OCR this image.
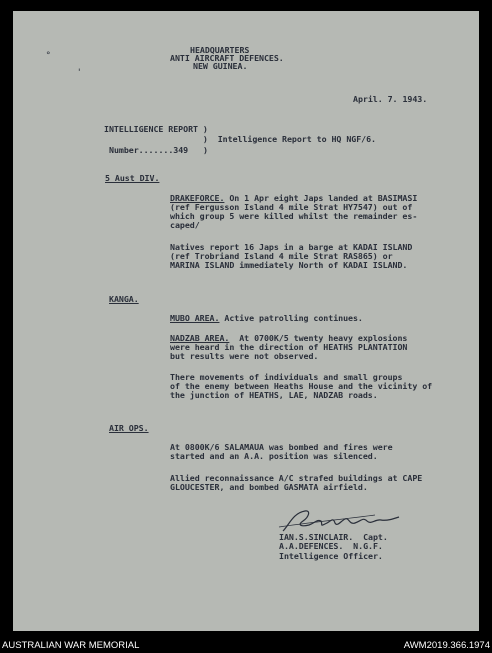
°
'
HEADQUARTERS
ANTI AIRCRAFT DEFENCES.
NEW GUINEA.
April. 7. 1943.
INTELLIGENCE REPORT )
)  Intelligence Report to HQ NGF/6.
Number.......349   )
5 Aust DIV.
DRAKEFORCE. On 1 Apr eight Japs landed at BASIMASI
(ref Fergusson Island 4 mile Strat HY7547) out of
which group 5 were killed whilst the remainder es-
caped/
Natives report 16 Japs in a barge at KADAI ISLAND
(ref Trobriand Island 4 mile Strat RAS865) or
MARINA ISLAND immediately North of KADAI ISLAND.
KANGA.
MUBO AREA. Active patrolling continues.
NADZAB AREA.  At 0700K/5 twenty heavy explosions
were heard in the direction of HEATHS PLANTATION
but results were not observed.
There movements of individuals and small groups
of the enemy between Heaths House and the vicinity of
the junction of HEATHS, LAE, NADZAB roads.
AIR OPS.
At 0800K/6 SALAMAUA was bombed and fires were
started and an A.A. position was silenced.
Allied reconnaissance A/C strafed buildings at CAPE
GLOUCESTER, and bombed GASMATA airfield.
IAN.S.SINCLAIR.  Capt.
A.A.DEFENCES.  N.G.F.
Intelligence Officer.
AUSTRALIAN WAR MEMORIAL	AWM2019.366.1974
